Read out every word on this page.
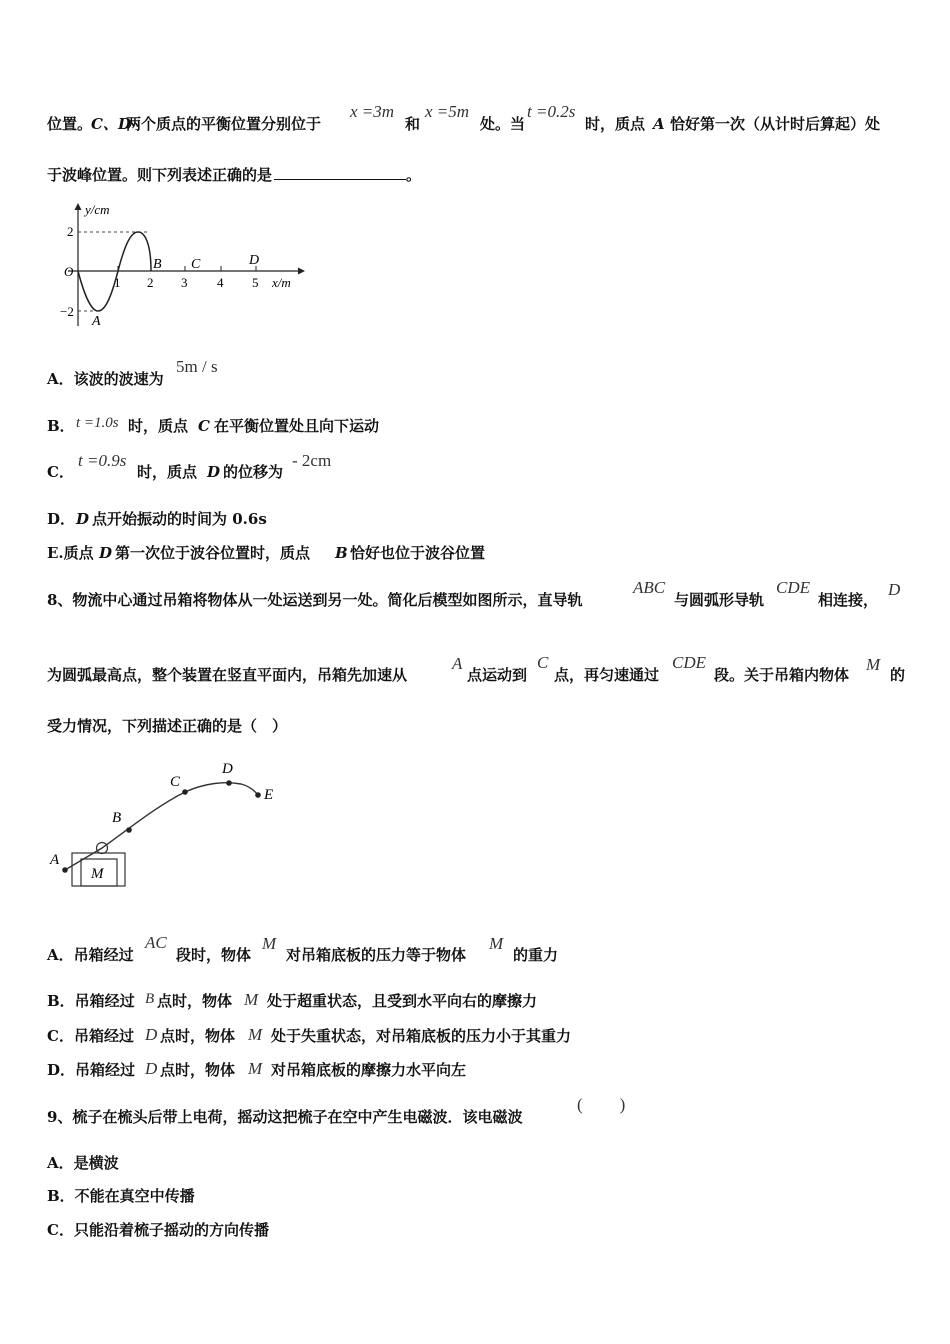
位置。
C、D
两个质点的平衡位置分别位于
x =3m
和
x =5m
处。当
t =0.2s
时，质点 A 恰好第一次（从计时后算起）处
于波峰位置。则下列表述正确的是	。
y/cm
x/m
O
2
−2
1 2 3 4 5
A
B C	D
A．该波的波速为
5m / s
B． t =1.0s 时，质点 C 在平衡位置处且向下运动
C．
t =0.9s
时，质点 D 的位移为
- 2cm
D． D 点开始振动的时间为 0.6s
E.质点 D 第一次位于波谷位置时，质点 B 恰好也位于波谷位置
8、物流中心通过吊箱将物体从一处运送到另一处。简化后模型如图所示，直导轨
ABC
与圆弧形导轨
CDE
相连接，
D
为圆弧最高点，整个装置在竖直平面内，吊箱先加速从
A
点运动到
C
点，再匀速通过
CDE
段。关于吊箱内物体
M
的
受力情况，下列描述正确的是（　）
M
A
B
C
D
E
A．吊箱经过
AC
段时，物体
M
对吊箱底板的压力等于物体
M
的重力
B．吊箱经过 B 点时，物体 M 处于超重状态，且受到水平向右的摩擦力
C．吊箱经过 D 点时，物体 M 处于失重状态，对吊箱底板的压力小于其重力
D．吊箱经过 D 点时，物体 M 对吊箱底板的摩擦力水平向左
9、梳子在梳头后带上电荷，摇动这把梳子在空中产生电磁波．该电磁波
(　　)
A．是横波
B．不能在真空中传播
C．只能沿着梳子摇动的方向传播
